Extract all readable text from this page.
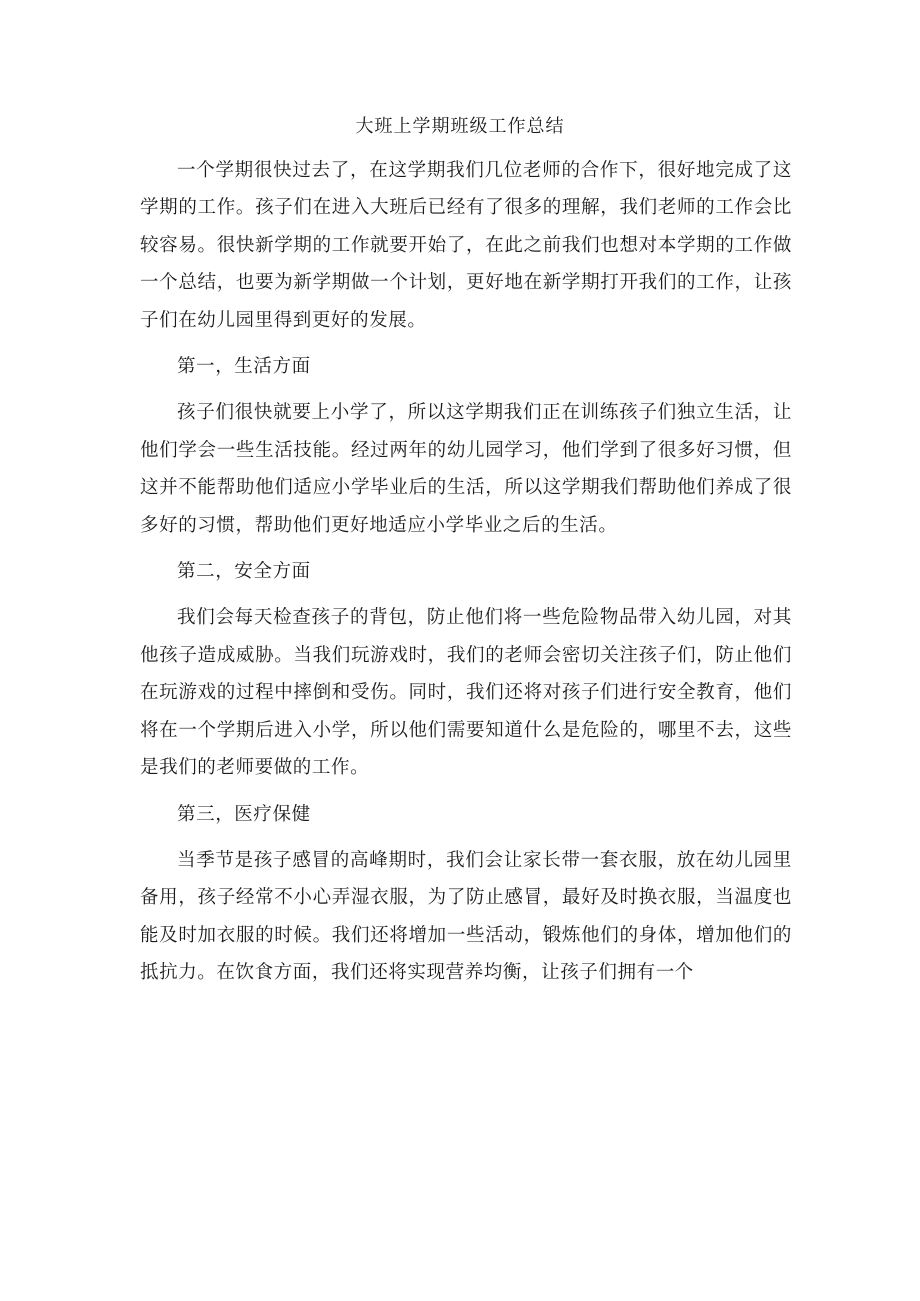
大班上学期班级工作总结

一个学期很快过去了，在这学期我们几位老师的合作下，很好地完成了这学期的工作。孩子们在进入大班后已经有了很多的理解，我们老师的工作会比较容易。很快新学期的工作就要开始了，在此之前我们也想对本学期的工作做一个总结，也要为新学期做一个计划，更好地在新学期打开我们的工作，让孩子们在幼儿园里得到更好的发展。

第一，生活方面

孩子们很快就要上小学了，所以这学期我们正在训练孩子们独立生活，让他们学会一些生活技能。经过两年的幼儿园学习，他们学到了很多好习惯，但这并不能帮助他们适应小学毕业后的生活，所以这学期我们帮助他们养成了很多好的习惯，帮助他们更好地适应小学毕业之后的生活。

第二，安全方面

我们会每天检查孩子的背包，防止他们将一些危险物品带入幼儿园，对其他孩子造成威胁。当我们玩游戏时，我们的老师会密切关注孩子们，防止他们在玩游戏的过程中摔倒和受伤。同时，我们还将对孩子们进行安全教育，他们将在一个学期后进入小学，所以他们需要知道什么是危险的，哪里不去，这些是我们的老师要做的工作。

第三，医疗保健

当季节是孩子感冒的高峰期时，我们会让家长带一套衣服，放在幼儿园里备用，孩子经常不小心弄湿衣服，为了防止感冒，最好及时换衣服，当温度也能及时加衣服的时候。我们还将增加一些活动，锻炼他们的身体，增加他们的抵抗力。在饮食方面，我们还将实现营养均衡，让孩子们拥有一个
